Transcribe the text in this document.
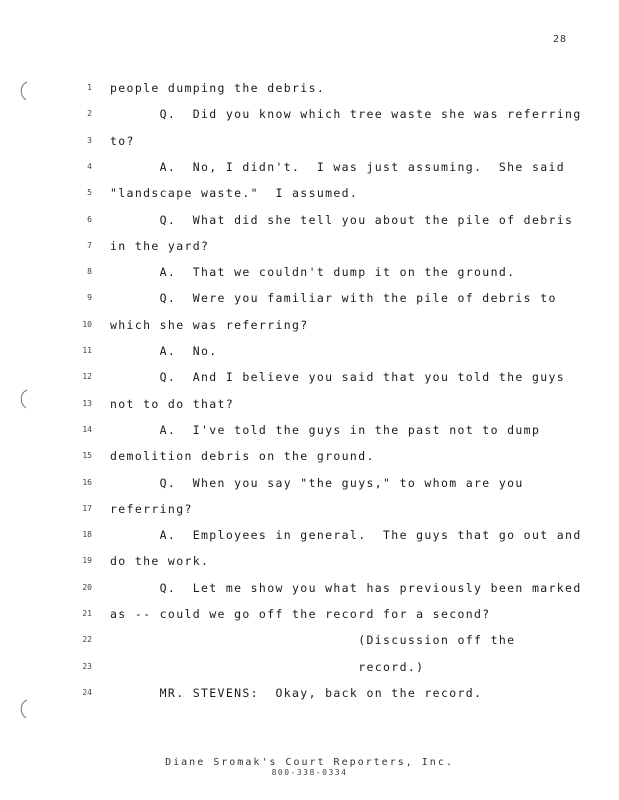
28
1 people dumping the debris.
2 Q.  Did you know which tree waste she was referring
3 to?
4 A.  No, I didn't.  I was just assuming.  She said
5 "landscape waste."  I assumed.
6 Q.  What did she tell you about the pile of debris
7 in the yard?
8 A.  That we couldn't dump it on the ground.
9 Q.  Were you familiar with the pile of debris to
10 which she was referring?
11 A.  No.
12 Q.  And I believe you said that you told the guys
13 not to do that?
14 A.  I've told the guys in the past not to dump
15 demolition debris on the ground.
16 Q.  When you say "the guys," to whom are you
17 referring?
18 A.  Employees in general.  The guys that go out and
19 do the work.
20 Q.  Let me show you what has previously been marked
21 as -- could we go off the record for a second?
22 (Discussion off the
23 record.)
24 MR. STEVENS:  Okay, back on the record.
Diane Sromak's Court Reporters, Inc.
800-338-0334
